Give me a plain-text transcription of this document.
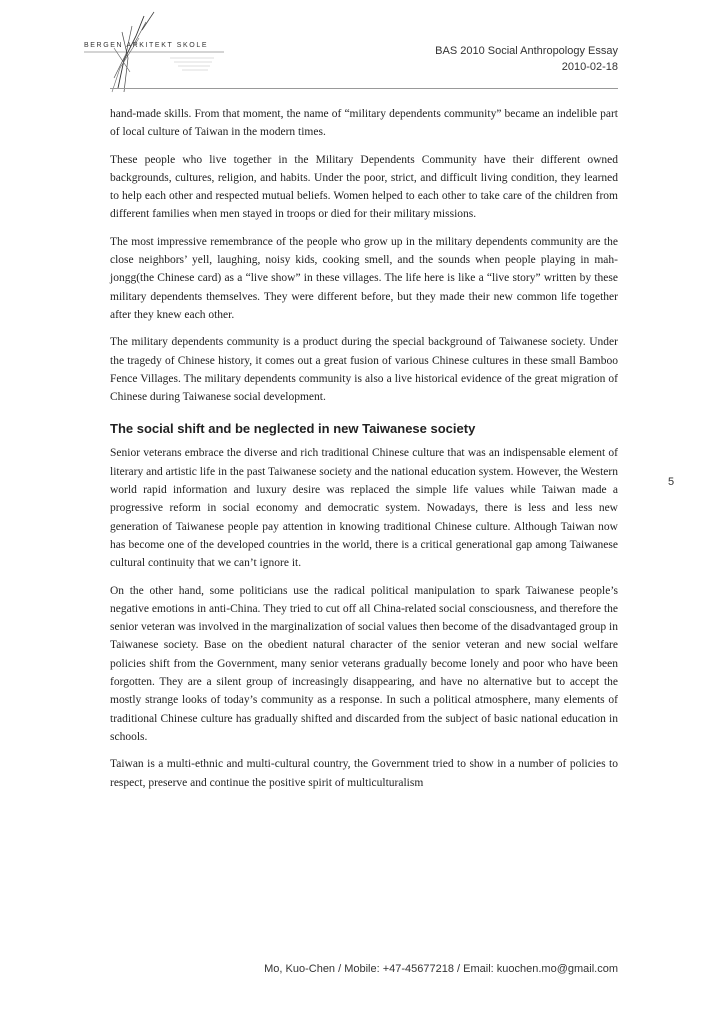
BERGEN ARKITEKT SKOLE	BAS 2010 Social Anthropology Essay
2010-02-18

hand-made skills. From that moment, the name of “military dependents community” became an indelible part of local culture of Taiwan in the modern times.

These people who live together in the Military Dependents Community have their different owned backgrounds, cultures, religion, and habits. Under the poor, strict, and difficult living condition, they learned to help each other and respected mutual beliefs. Women helped to each other to take care of the children from different families when men stayed in troops or died for their military missions.

The most impressive remembrance of the people who grow up in the military dependents community are the close neighbors’ yell, laughing, noisy kids, cooking smell, and the sounds when people playing in mah-jongg(the Chinese card) as a “live show” in these villages. The life here is like a “live story” written by these military dependents themselves. They were different before, but they made their new common life together after they knew each other.

The military dependents community is a product during the special background of Taiwanese society. Under the tragedy of Chinese history, it comes out a great fusion of various Chinese cultures in these small Bamboo Fence Villages. The military dependents community is also a live historical evidence of the great migration of Chinese during Taiwanese social development.

The social shift and be neglected in new Taiwanese society

Senior veterans embrace the diverse and rich traditional Chinese culture that was an indispensable element of literary and artistic life in the past Taiwanese society and the national education system. However, the Western world rapid information and luxury desire was replaced the simple life values while Taiwan made a progressive reform in social economy and democratic system. Nowadays, there is less and less new generation of Taiwanese people pay attention in knowing traditional Chinese culture. Although Taiwan now has become one of the developed countries in the world, there is a critical generational gap among Taiwanese cultural continuity that we can’t ignore it.

On the other hand, some politicians use the radical political manipulation to spark Taiwanese people’s negative emotions in anti-China. They tried to cut off all China-related social consciousness, and therefore the senior veteran was involved in the marginalization of social values then become of the disadvantaged group in Taiwanese society. Base on the obedient natural character of the senior veteran and new social welfare policies shift from the Government, many senior veterans gradually become lonely and poor who have been forgotten. They are a silent group of increasingly disappearing, and have no alternative but to accept the mostly strange looks of today’s community as a response. In such a political atmosphere, many elements of traditional Chinese culture has gradually shifted and discarded from the subject of basic national education in schools.

Taiwan is a multi-ethnic and multi-cultural country, the Government tried to show in a number of policies to respect, preserve and continue the positive spirit of multiculturalism

5
Mo, Kuo-Chen / Mobile: +47-45677218 / Email: kuochen.mo@gmail.com
